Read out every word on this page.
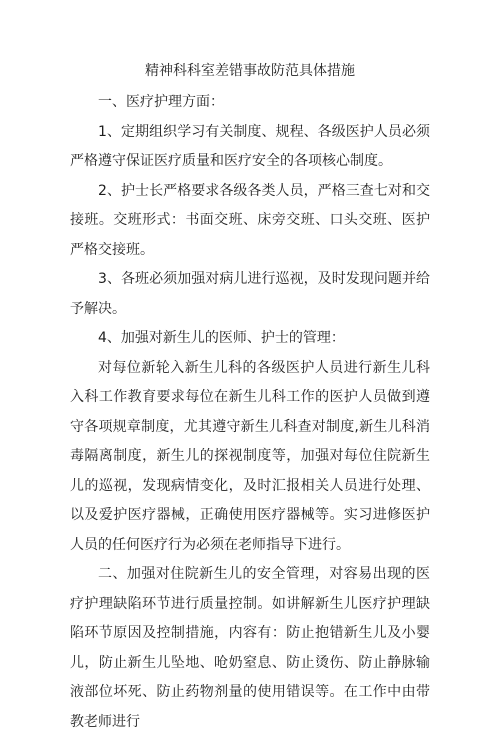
精神科科室差错事故防范具体措施

一、医疗护理方面：

1、定期组织学习有关制度、规程、各级医护人员必须严格遵守保证医疗质量和医疗安全的各项核心制度。

2、护士长严格要求各级各类人员，严格三查七对和交接班。交班形式：书面交班、床旁交班、口头交班、医护严格交接班。

3、各班必须加强对病儿进行巡视，及时发现问题并给予解决。

4、加强对新生儿的医师、护士的管理：

对每位新轮入新生儿科的各级医护人员进行新生儿科入科工作教育要求每位在新生儿科工作的医护人员做到遵守各项规章制度，尤其遵守新生儿科查对制度,新生儿科消毒隔离制度，新生儿的探视制度等，加强对每位住院新生儿的巡视，发现病情变化，及时汇报相关人员进行处理、以及爱护医疗器械，正确使用医疗器械等。实习进修医护人员的任何医疗行为必须在老师指导下进行。

二、加强对住院新生儿的安全管理，对容易出现的医疗护理缺陷环节进行质量控制。如讲解新生儿医疗护理缺陷环节原因及控制措施，内容有：防止抱错新生儿及小婴儿，防止新生儿坠地、呛奶窒息、防止烫伤、防止静脉输液部位坏死、防止药物剂量的使用错误等。在工作中由带教老师进行
